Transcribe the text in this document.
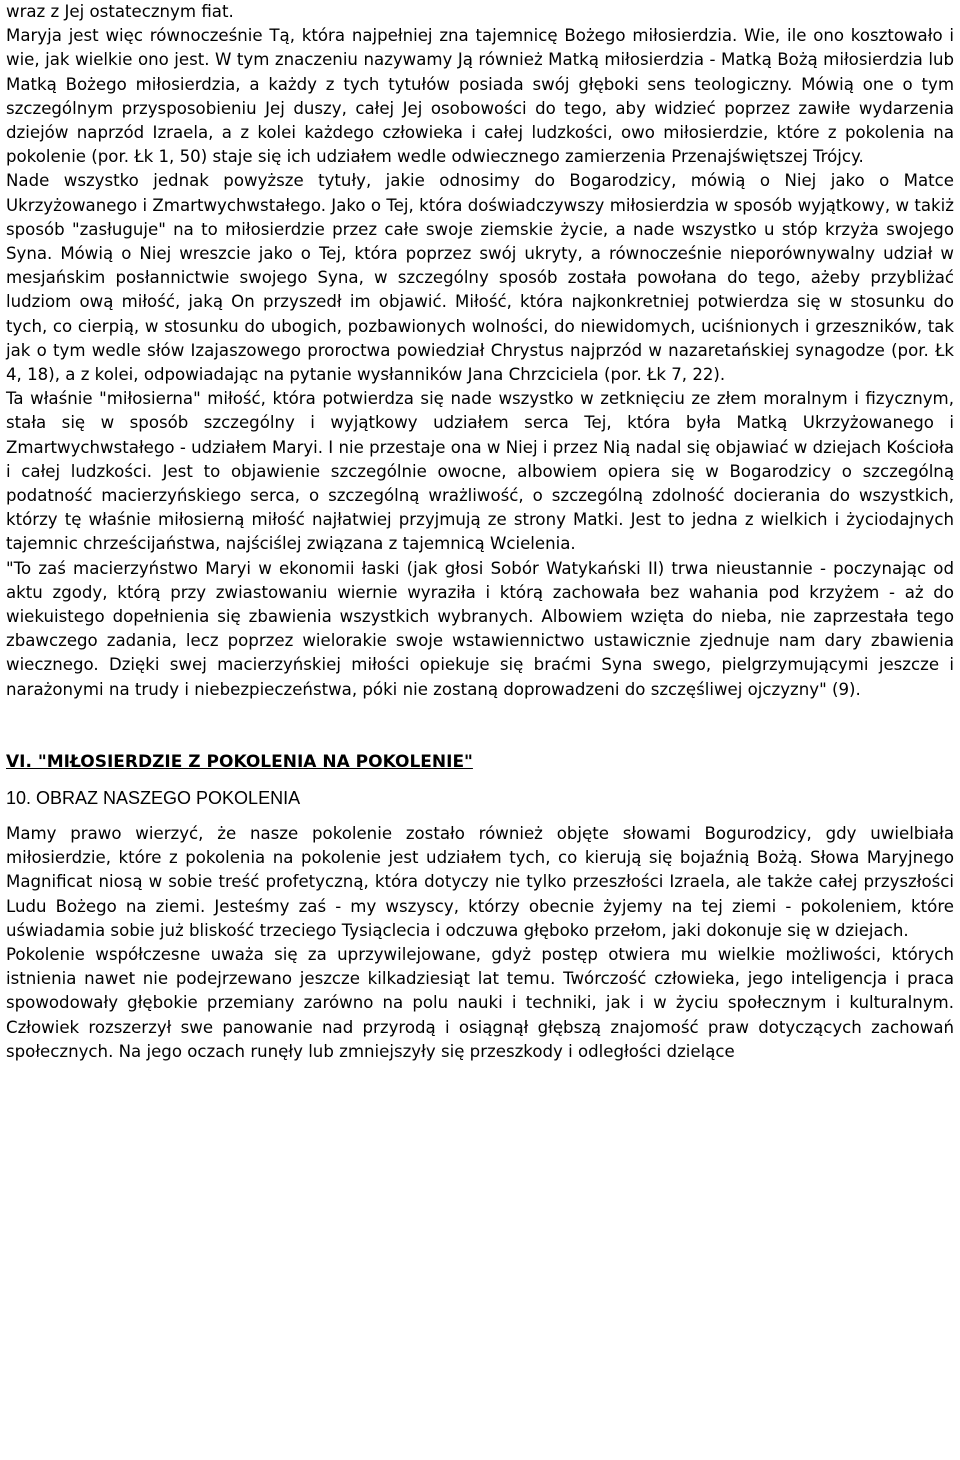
wraz z Jej ostatecznym fiat.

Maryja jest więc równocześnie Tą, która najpełniej zna tajemnicę Bożego miłosierdzia. Wie, ile ono kosztowało i wie, jak wielkie ono jest. W tym znaczeniu nazywamy Ją również Matką miłosierdzia - Matką Bożą miłosierdzia lub Matką Bożego miłosierdzia, a każdy z tych tytułów posiada swój głęboki sens teologiczny. Mówią one o tym szczególnym przysposobieniu Jej duszy, całej Jej osobowości do tego, aby widzieć poprzez zawiłe wydarzenia dziejów naprzód Izraela, a z kolei każdego człowieka i całej ludzkości, owo miłosierdzie, które z pokolenia na pokolenie (por. Łk 1, 50) staje się ich udziałem wedle odwiecznego zamierzenia Przenajświętszej Trójcy.

Nade wszystko jednak powyższe tytuły, jakie odnosimy do Bogarodzicy, mówią o Niej jako o Matce Ukrzyżowanego i Zmartwychwstałego. Jako o Tej, która doświadczywszy miłosierdzia w sposób wyjątkowy, w takiż sposób "zasługuje" na to miłosierdzie przez całe swoje ziemskie życie, a nade wszystko u stóp krzyża swojego Syna. Mówią o Niej wreszcie jako o Tej, która poprzez swój ukryty, a równocześnie nieporównywalny udział w mesjańskim posłannictwie swojego Syna, w szczególny sposób została powołana do tego, ażeby przybliżać ludziom ową miłość, jaką On przyszedł im objawić. Miłość, która najkonkretniej potwierdza się w stosunku do tych, co cierpią, w stosunku do ubogich, pozbawionych wolności, do niewidomych, uciśnionych i grzeszników, tak jak o tym wedle słów Izajaszowego proroctwa powiedział Chrystus najprzód w nazaretańskiej synagodze (por. Łk 4, 18), a z kolei, odpowiadając na pytanie wysłanników Jana Chrzciciela (por. Łk 7, 22).

Ta właśnie "miłosierna" miłość, która potwierdza się nade wszystko w zetknięciu ze złem moralnym i fizycznym, stała się w sposób szczególny i wyjątkowy udziałem serca Tej, która była Matką Ukrzyżowanego i Zmartwychwstałego - udziałem Maryi. I nie przestaje ona w Niej i przez Nią nadal się objawiać w dziejach Kościoła i całej ludzkości. Jest to objawienie szczególnie owocne, albowiem opiera się w Bogarodzicy o szczególną podatność macierzyńskiego serca, o szczególną wrażliwość, o szczególną zdolność docierania do wszystkich, którzy tę właśnie miłosierną miłość najłatwiej przyjmują ze strony Matki. Jest to jedna z wielkich i życiodajnych tajemnic chrześcijaństwa, najściślej związana z tajemnicą Wcielenia.

"To zaś macierzyństwo Maryi w ekonomii łaski (jak głosi Sobór Watykański II) trwa nieustannie - poczynając od aktu zgody, którą przy zwiastowaniu wiernie wyraziła i którą zachowała bez wahania pod krzyżem - aż do wiekuistego dopełnienia się zbawienia wszystkich wybranych. Albowiem wzięta do nieba, nie zaprzestała tego zbawczego zadania, lecz poprzez wielorakie swoje wstawiennictwo ustawicznie zjednuje nam dary zbawienia wiecznego. Dzięki swej macierzyńskiej miłości opiekuje się braćmi Syna swego, pielgrzymującymi jeszcze i narażonymi na trudy i niebezpieczeństwa, póki nie zostaną doprowadzeni do szczęśliwej ojczyzny" (9).

VI. "MIŁOSIERDZIE Z POKOLENIA NA POKOLENIE"

10. OBRAZ NASZEGO POKOLENIA

Mamy prawo wierzyć, że nasze pokolenie zostało również objęte słowami Bogurodzicy, gdy uwielbiała miłosierdzie, które z pokolenia na pokolenie jest udziałem tych, co kierują się bojaźnią Bożą. Słowa Maryjnego Magnificat niosą w sobie treść profetyczną, która dotyczy nie tylko przeszłości Izraela, ale także całej przyszłości Ludu Bożego na ziemi. Jesteśmy zaś - my wszyscy, którzy obecnie żyjemy na tej ziemi - pokoleniem, które uświadamia sobie już bliskość trzeciego Tysiąclecia i odczuwa głęboko przełom, jaki dokonuje się w dziejach.

Pokolenie współczesne uważa się za uprzywilejowane, gdyż postęp otwiera mu wielkie możliwości, których istnienia nawet nie podejrzewano jeszcze kilkadziesiąt lat temu. Twórczość człowieka, jego inteligencja i praca spowodowały głębokie przemiany zarówno na polu nauki i techniki, jak i w życiu społecznym i kulturalnym. Człowiek rozszerzył swe panowanie nad przyrodą i osiągnął głębszą znajomość praw dotyczących zachowań społecznych. Na jego oczach runęły lub zmniejszyły się przeszkody i odległości dzielące
